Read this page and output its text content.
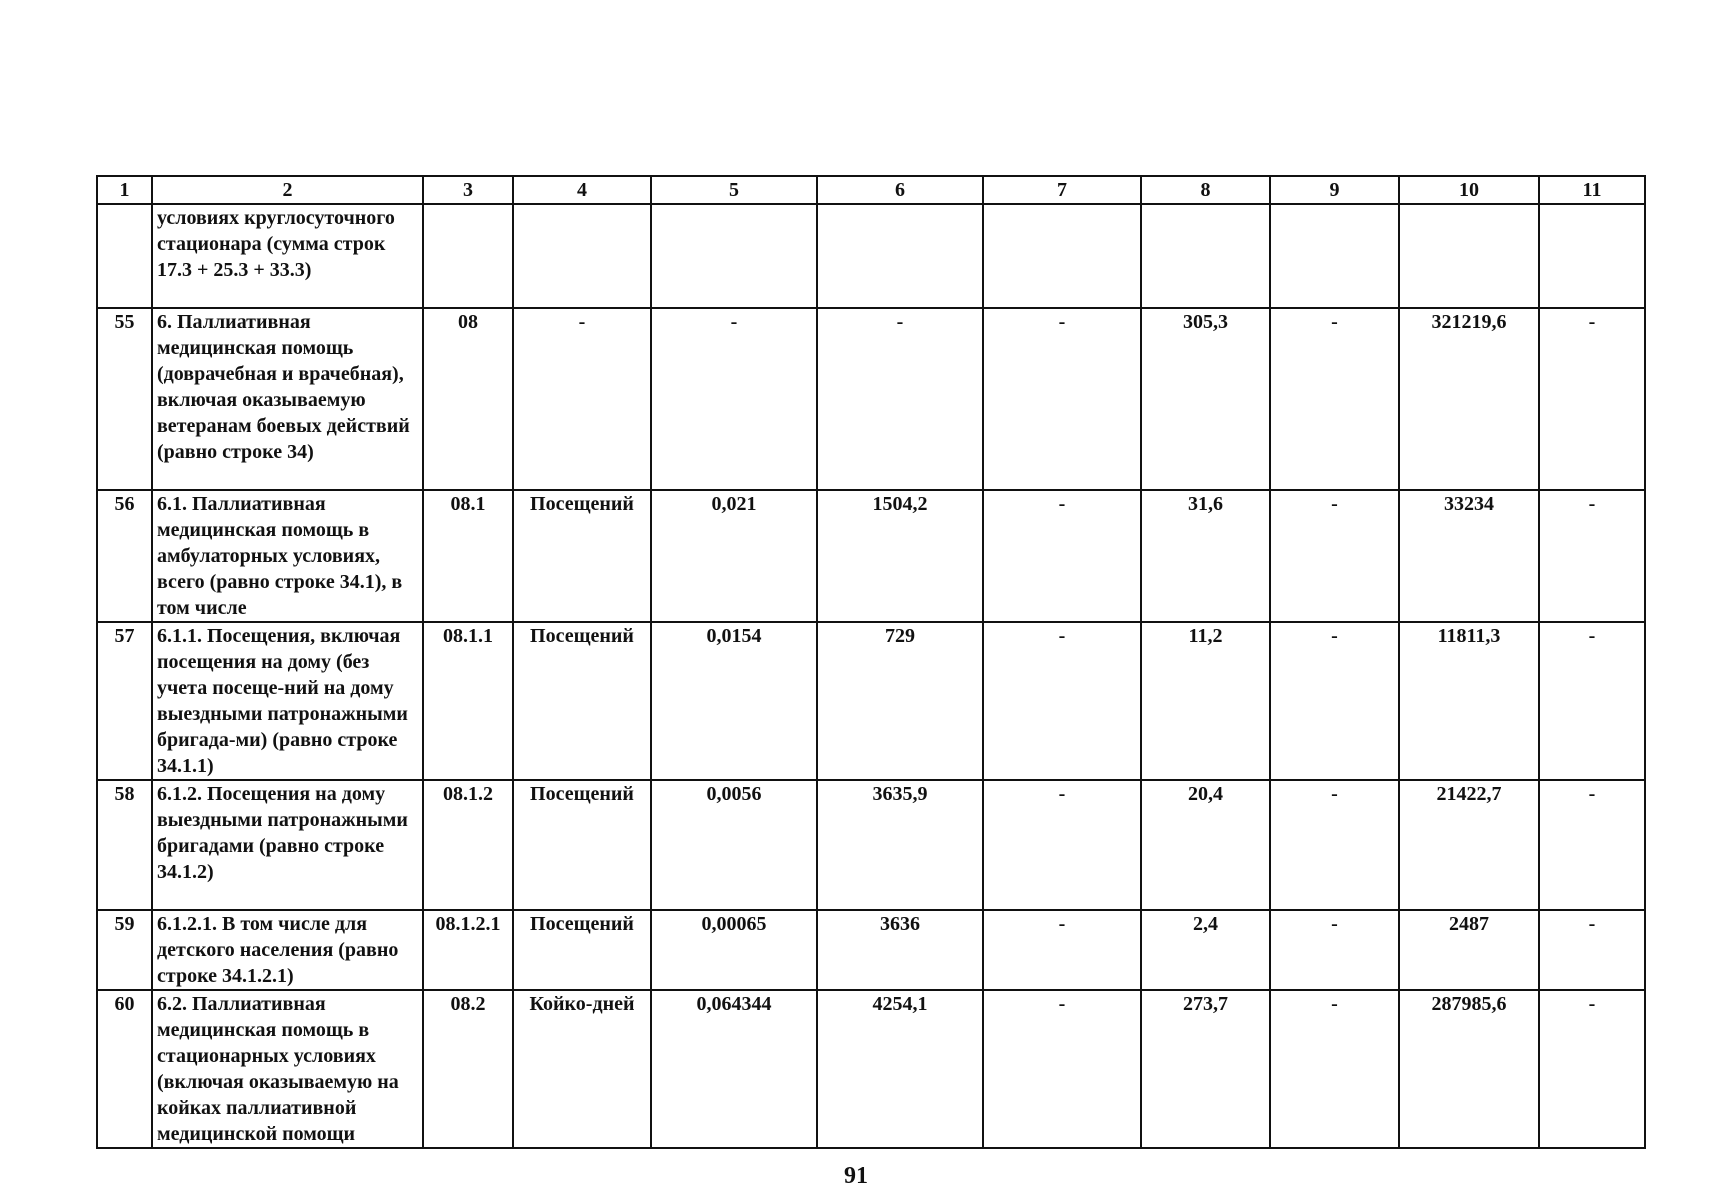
1	2	3	4	5	6	7	8	9	10	11
	условиях круглосуточного стационара (сумма строк 17.3 + 25.3 + 33.3)									
55	6. Паллиативная медицинская помощь (доврачебная и врачебная), включая оказываемую ветеранам боевых действий (равно строке 34)	08	-	-	-	-	305,3	-	321219,6	-
56	6.1. Паллиативная медицинская помощь в амбулаторных условиях, всего (равно строке 34.1), в том числе	08.1	Посещений	0,021	1504,2	-	31,6	-	33234	-
57	6.1.1. Посещения, включая посещения на дому (без учета посеще-ний на дому выездными патронажными бригада-ми) (равно строке 34.1.1)	08.1.1	Посещений	0,0154	729	-	11,2	-	11811,3	-
58	6.1.2. Посещения на дому выездными патронажными бригадами (равно строке 34.1.2)	08.1.2	Посещений	0,0056	3635,9	-	20,4	-	21422,7	-
59	6.1.2.1. В том числе для детского населения (равно строке 34.1.2.1)	08.1.2.1	Посещений	0,00065	3636	-	2,4	-	2487	-
60	6.2. Паллиативная медицинская помощь в стационарных условиях (включая оказываемую на койках паллиативной медицинской помощи	08.2	Койко-дней	0,064344	4254,1	-	273,7	-	287985,6	-
91
